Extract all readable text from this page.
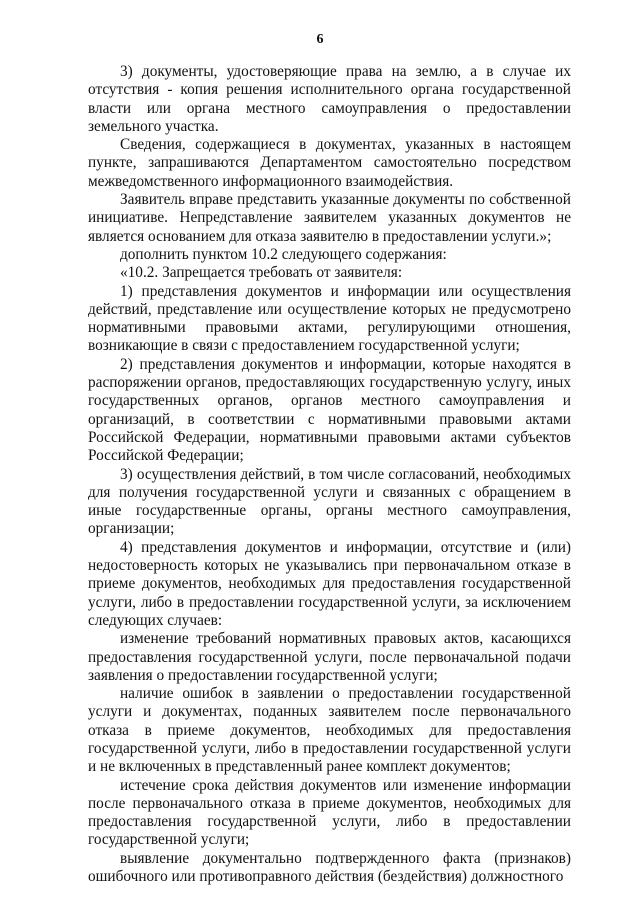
6

3) документы, удостоверяющие права на землю, а в случае их отсутствия - копия решения исполнительного органа государственной власти или органа местного самоуправления о предоставлении земельного участка.

Сведения, содержащиеся в документах, указанных в настоящем пункте, запрашиваются Департаментом самостоятельно посредством межведомственного информационного взаимодействия.

Заявитель вправе представить указанные документы по собственной инициативе. Непредставление заявителем указанных документов не является основанием для отказа заявителю в предоставлении услуги.»;

дополнить пунктом 10.2 следующего содержания:

«10.2. Запрещается требовать от заявителя:

1) представления документов и информации или осуществления действий, представление или осуществление которых не предусмотрено нормативными правовыми актами, регулирующими отношения, возникающие в связи с предоставлением государственной услуги;

2) представления документов и информации, которые находятся в распоряжении органов, предоставляющих государственную услугу, иных государственных органов, органов местного самоуправления и организаций, в соответствии с нормативными правовыми актами Российской Федерации, нормативными правовыми актами субъектов Российской Федерации;

3) осуществления действий, в том числе согласований, необходимых для получения государственной услуги и связанных с обращением в иные государственные органы, органы местного самоуправления, организации;

4) представления документов и информации, отсутствие и (или) недостоверность которых не указывались при первоначальном отказе в приеме документов, необходимых для предоставления государственной услуги, либо в предоставлении государственной услуги, за исключением следующих случаев:

изменение требований нормативных правовых актов, касающихся предоставления государственной услуги, после первоначальной подачи заявления о предоставлении государственной услуги;

наличие ошибок в заявлении о предоставлении государственной услуги и документах, поданных заявителем после первоначального отказа в приеме документов, необходимых для предоставления государственной услуги, либо в предоставлении государственной услуги и не включенных в представленный ранее комплект документов;

истечение срока действия документов или изменение информации после первоначального отказа в приеме документов, необходимых для предоставления государственной услуги, либо в предоставлении государственной услуги;

выявление документально подтвержденного факта (признаков) ошибочного или противоправного действия (бездействия) должностного
